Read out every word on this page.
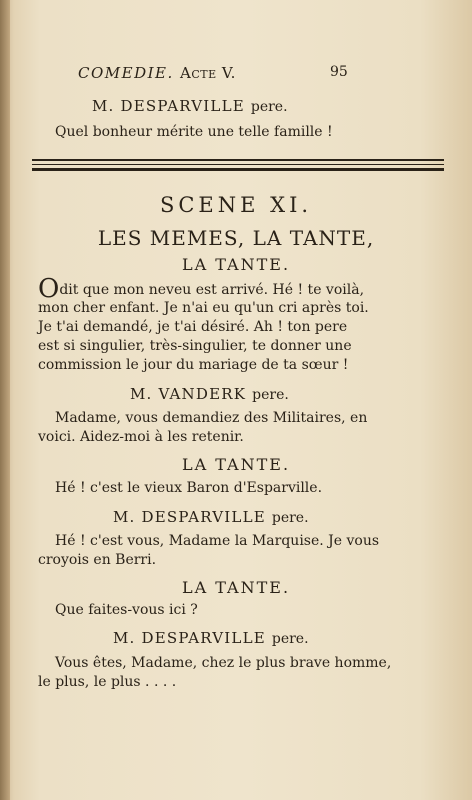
COMEDIE. Acte V.	95
M. DESPARVILLE pere.
Quel bonheur mérite une telle famille !
SCENE XI.
LES MEMES, LA TANTE,
LA TANTE.
Odit que mon neveu est arrivé. Hé ! te voilà,
mon cher enfant. Je n'ai eu qu'un cri après toi.
Je t'ai demandé, je t'ai désiré. Ah ! ton pere
est si singulier, très-singulier, te donner une
commission le jour du mariage de ta sœur !
M. VANDERK pere.
Madame, vous demandiez des Militaires, en
voici. Aidez-moi à les retenir.
LA TANTE.
Hé ! c'est le vieux Baron d'Esparville.
M. DESPARVILLE pere.
Hé ! c'est vous, Madame la Marquise. Je vous
croyois en Berri.
LA TANTE.
Que faites-vous ici ?
M. DESPARVILLE pere.
Vous êtes, Madame, chez le plus brave homme,
le plus, le plus . . . .
